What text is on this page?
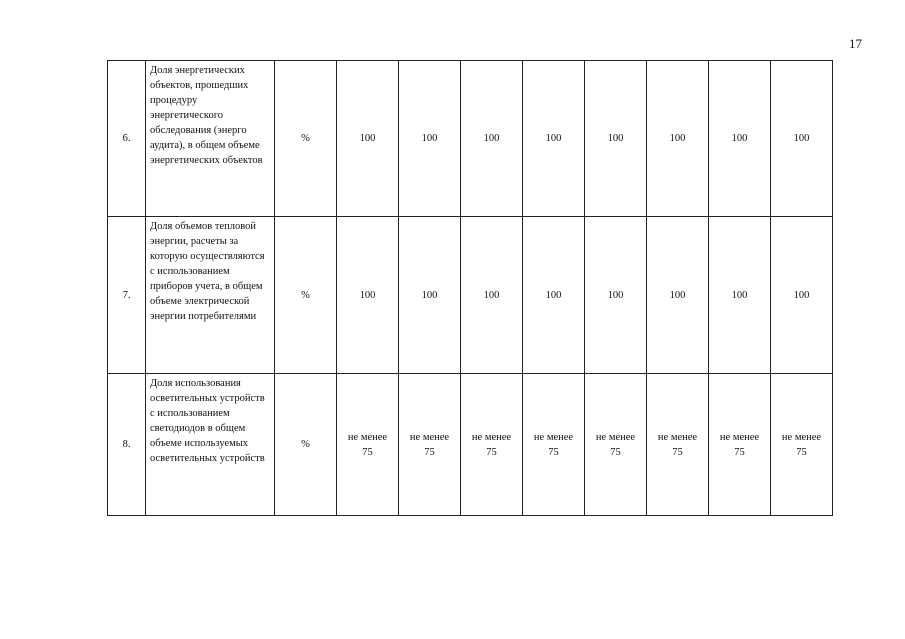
17
6.	Доля энергетических объектов, прошедших процедуру энергетического обследования (энерго аудита), в общем объеме энергетических объектов	%	100	100	100	100	100	100	100	100
7.	Доля объемов тепловой энергии, расчеты за которую осуществляются с использованием приборов учета, в общем объеме электрической энергии потребителями	%	100	100	100	100	100	100	100	100
8.	Доля использования осветительных устройств с использованием светодиодов в общем объеме используемых осветительных устройств	%	не менее 75	не менее 75	не менее 75	не менее 75	не менее 75	не менее 75	не менее 75	не менее 75
